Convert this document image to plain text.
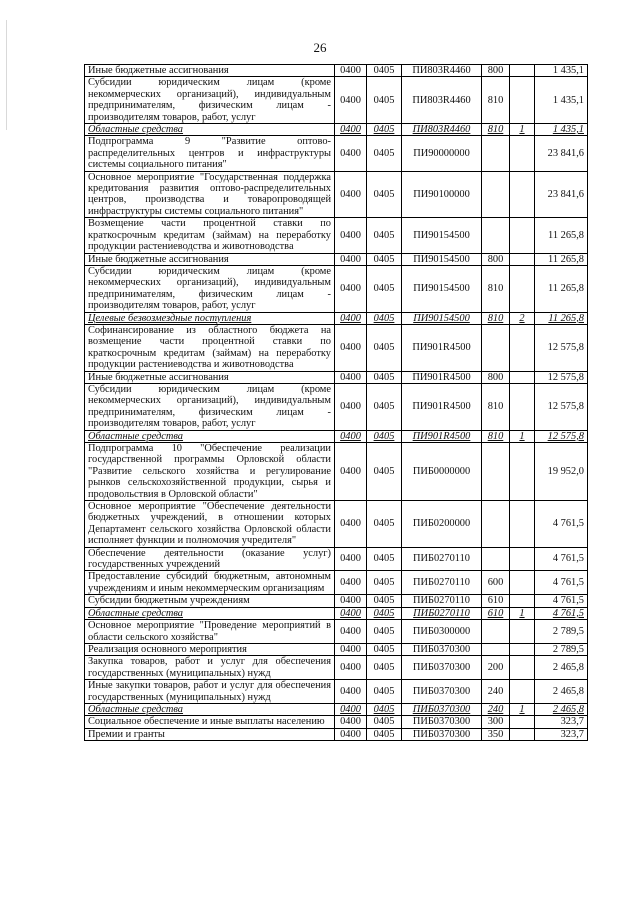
26
Иные бюджетные ассигнования	0400	0405	ПИ803R4460	800		1 435,1
Субсидии юридическим лицам (кроме некоммерческих организаций), индивидуальным предпринимателям, физическим лицам - производителям товаров, работ, услуг	0400	0405	ПИ803R4460	810		1 435,1
Областные средства	0400	0405	ПИ803R4460	810	1	1 435,1
Подпрограмма 9 "Развитие оптово-распределительных центров и инфраструктуры системы социального питания"	0400	0405	ПИ90000000			23 841,6
Основное мероприятие "Государственная поддержка кредитования развития оптово-распределительных центров, производства и товаропроводящей инфраструктуры системы социального питания"	0400	0405	ПИ90100000			23 841,6
Возмещение части процентной ставки по краткосрочным кредитам (займам) на переработку продукции растениеводства и животноводства	0400	0405	ПИ90154500			11 265,8
Иные бюджетные ассигнования	0400	0405	ПИ90154500	800		11 265,8
Субсидии юридическим лицам (кроме некоммерческих организаций), индивидуальным предпринимателям, физическим лицам - производителям товаров, работ, услуг	0400	0405	ПИ90154500	810		11 265,8
Целевые безвозмездные поступления	0400	0405	ПИ90154500	810	2	11 265,8
Софинансирование из областного бюджета на возмещение части процентной ставки по краткосрочным кредитам (займам) на переработку продукции растениеводства и животноводства	0400	0405	ПИ901R4500			12 575,8
Иные бюджетные ассигнования	0400	0405	ПИ901R4500	800		12 575,8
Субсидии юридическим лицам (кроме некоммерческих организаций), индивидуальным предпринимателям, физическим лицам - производителям товаров, работ, услуг	0400	0405	ПИ901R4500	810		12 575,8
Областные средства	0400	0405	ПИ901R4500	810	1	12 575,8
Подпрограмма 10 "Обеспечение реализации государственной программы Орловской области "Развитие сельского хозяйства и регулирование рынков сельскохозяйственной продукции, сырья и продовольствия в Орловской области"	0400	0405	ПИБ0000000			19 952,0
Основное мероприятие "Обеспечение деятельности бюджетных учреждений, в отношении которых Департамент сельского хозяйства Орловской области исполняет функции и полномочия учредителя"	0400	0405	ПИБ0200000			4 761,5
Обеспечение деятельности (оказание услуг) государственных учреждений	0400	0405	ПИБ0270110			4 761,5
Предоставление субсидий бюджетным, автономным учреждениям и иным некоммерческим организациям	0400	0405	ПИБ0270110	600		4 761,5
Субсидии бюджетным учреждениям	0400	0405	ПИБ0270110	610		4 761,5
Областные средства	0400	0405	ПИБ0270110	610	1	4 761,5
Основное мероприятие "Проведение мероприятий в области сельского хозяйства"	0400	0405	ПИБ0300000			2 789,5
Реализация основного мероприятия	0400	0405	ПИБ0370300			2 789,5
Закупка товаров, работ и услуг для обеспечения государственных (муниципальных) нужд	0400	0405	ПИБ0370300	200		2 465,8
Иные закупки товаров, работ и услуг для обеспечения государственных (муниципальных) нужд	0400	0405	ПИБ0370300	240		2 465,8
Областные средства	0400	0405	ПИБ0370300	240	1	2 465,8
Социальное обеспечение и иные выплаты населению	0400	0405	ПИБ0370300	300		323,7
Премии и гранты	0400	0405	ПИБ0370300	350		323,7
